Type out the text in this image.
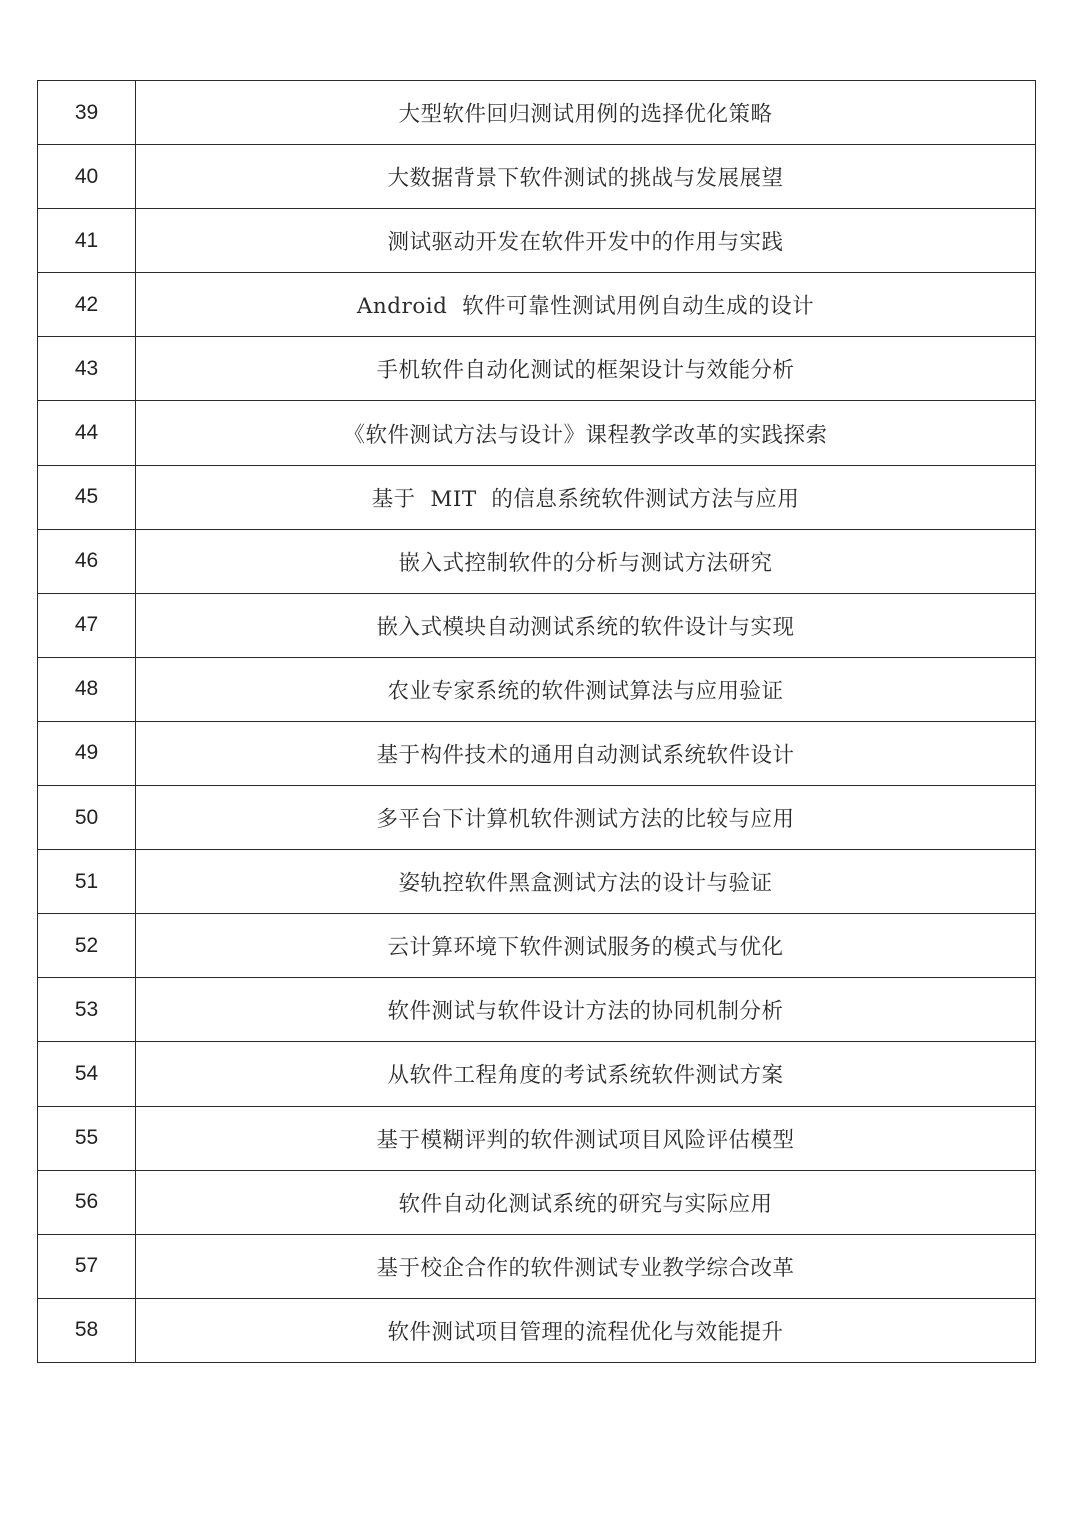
39	大型软件回归测试用例的选择优化策略
40	大数据背景下软件测试的挑战与发展展望
41	测试驱动开发在软件开发中的作用与实践
42	Android  软件可靠性测试用例自动生成的设计
43	手机软件自动化测试的框架设计与效能分析
44	《软件测试方法与设计》课程教学改革的实践探索
45	基于  MIT  的信息系统软件测试方法与应用
46	嵌入式控制软件的分析与测试方法研究
47	嵌入式模块自动测试系统的软件设计与实现
48	农业专家系统的软件测试算法与应用验证
49	基于构件技术的通用自动测试系统软件设计
50	多平台下计算机软件测试方法的比较与应用
51	姿轨控软件黑盒测试方法的设计与验证
52	云计算环境下软件测试服务的模式与优化
53	软件测试与软件设计方法的协同机制分析
54	从软件工程角度的考试系统软件测试方案
55	基于模糊评判的软件测试项目风险评估模型
56	软件自动化测试系统的研究与实际应用
57	基于校企合作的软件测试专业教学综合改革
58	软件测试项目管理的流程优化与效能提升
